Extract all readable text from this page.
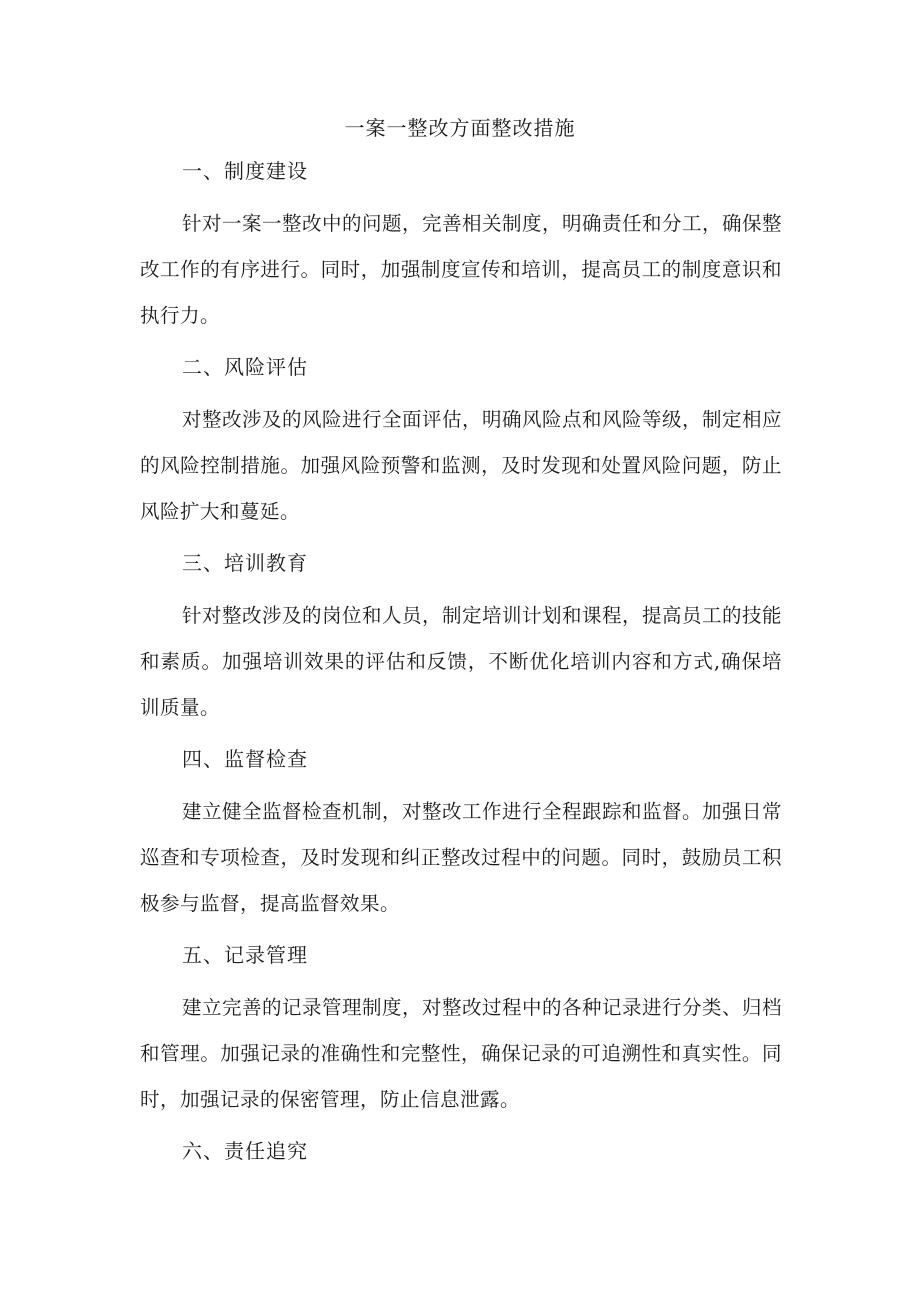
一案一整改方面整改措施

一、制度建设

针对一案一整改中的问题，完善相关制度，明确责任和分工，确保整改工作的有序进行。同时，加强制度宣传和培训，提高员工的制度意识和执行力。

二、风险评估

对整改涉及的风险进行全面评估，明确风险点和风险等级，制定相应的风险控制措施。加强风险预警和监测，及时发现和处置风险问题，防止风险扩大和蔓延。

三、培训教育

针对整改涉及的岗位和人员，制定培训计划和课程，提高员工的技能和素质。加强培训效果的评估和反馈，不断优化培训内容和方式,确保培训质量。

四、监督检查

建立健全监督检查机制，对整改工作进行全程跟踪和监督。加强日常巡查和专项检查，及时发现和纠正整改过程中的问题。同时，鼓励员工积极参与监督，提高监督效果。

五、记录管理

建立完善的记录管理制度，对整改过程中的各种记录进行分类、归档和管理。加强记录的准确性和完整性，确保记录的可追溯性和真实性。同时，加强记录的保密管理，防止信息泄露。

六、责任追究
